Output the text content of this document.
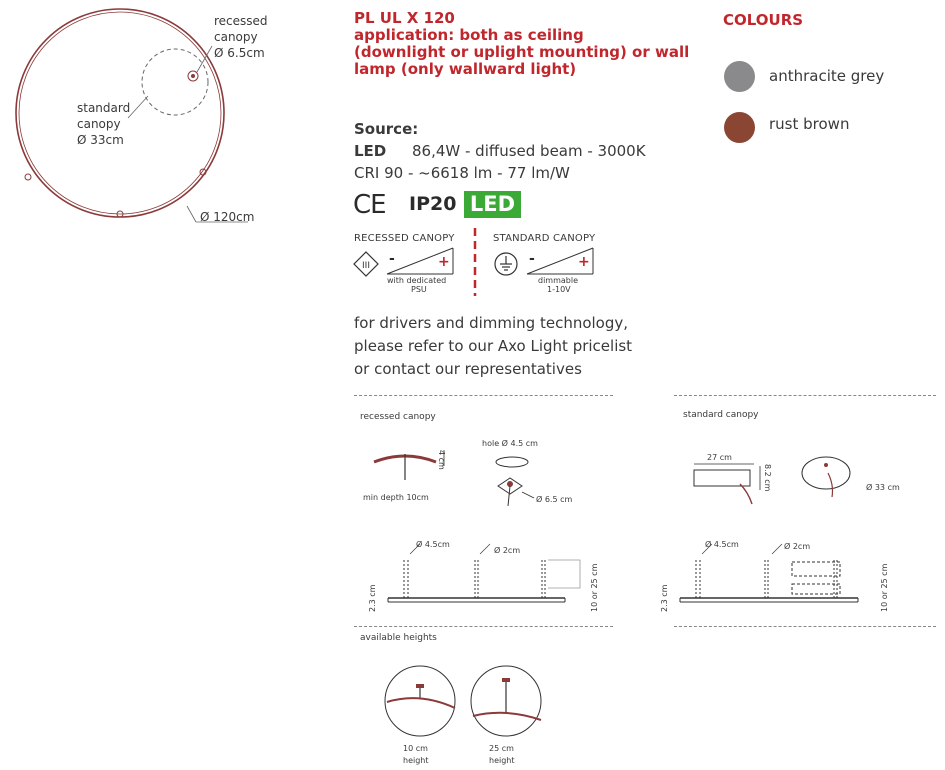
recessed
canopy
Ø 6.5cm
standard
canopy
Ø 33cm
Ø 120cm
PL UL X 120
application: both as ceiling
(downlight or uplight mounting) or wall
lamp (only wallward light)
Source:
LED 86,4W - diffused beam - 3000K
CRI 90 - ~6618 lm - 77 lm/W
CE IP20 LED
RECESSED CANOPY	STANDARD CANOPY
III -	+
with dedicated
PSU
-	+
dimmable
1-10V
for drivers and dimming technology,
please refer to our Axo Light pricelist
or contact our representatives
COLOURS
anthracite grey
rust brown
recessed canopy
4 cm
min depth 10cm
hole Ø 4.5 cm
Ø 6.5 cm
Ø 4.5cm
Ø 2cm
2.3 cm	10 or 25 cm
standard canopy
27 cm
8.2 cm	Ø 33 cm
Ø 4.5cm	Ø 2cm
2.3 cm	10 or 25 cm
available heights
10 cm
height
25 cm
height
